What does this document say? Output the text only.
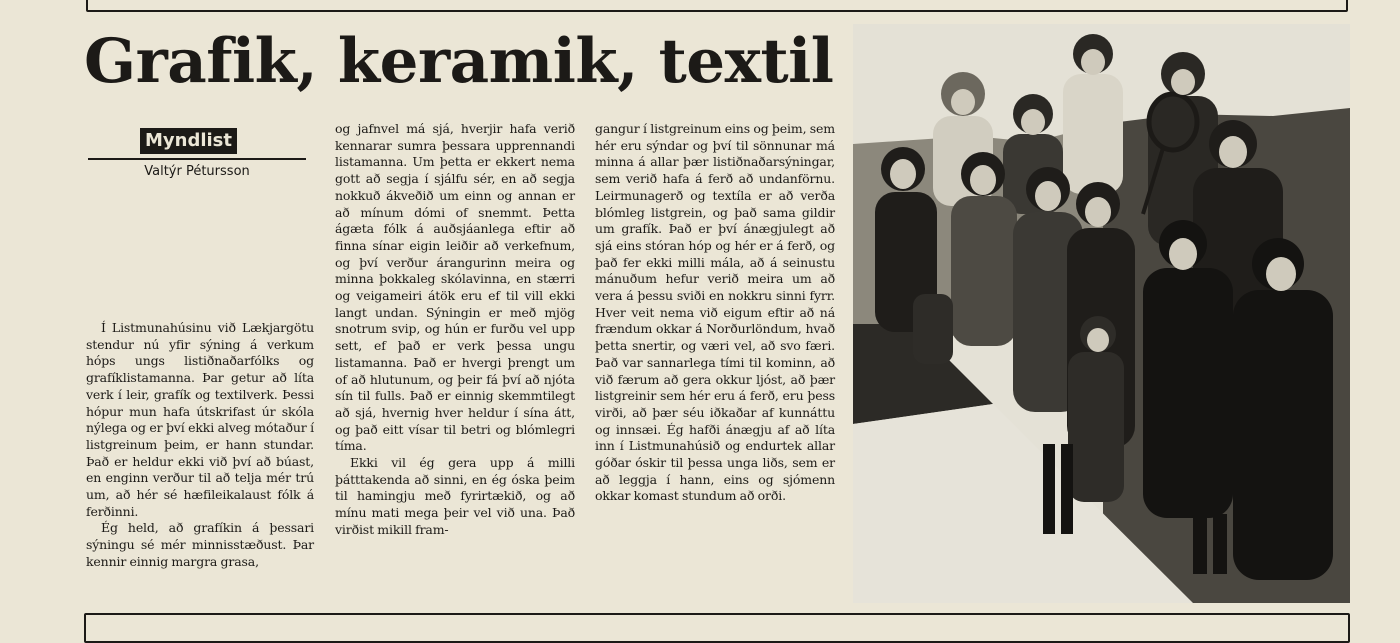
Grafik, keramik, textil
Myndlist
Valtýr Pétursson

Í Listmunahúsinu við Lækjargötu stendur nú yfir sýning á verkum hóps ungs listiðnaðarfólks og grafíklistamanna. Þar getur að líta verk í leir, grafík og textilverk. Þessi hópur mun hafa útskrifast úr skóla nýlega og er því ekki alveg mótaður í listgreinum þeim, er hann stundar. Það er heldur ekki við því að búast, en enginn verður til að telja mér trú um, að hér sé hæfileikalaust fólk á ferðinni.

Ég held, að grafíkin á þessari sýningu sé mér minnisstæðust. Þar kennir einnig margra grasa,

og jafnvel má sjá, hverjir hafa verið kennarar sumra þessara upprennandi listamanna. Um þetta er ekkert nema gott að segja í sjálfu sér, en að segja nokkuð ákveðið um einn og annan er að mínum dómi of snemmt. Þetta ágæta fólk á auðsjáanlega eftir að finna sínar eigin leiðir að verkefnum, og því verður árangurinn meira og minna þokkaleg skólavinna, en stærri og veigameiri átök eru ef til vill ekki langt undan. Sýningin er með mjög snotrum svip, og hún er furðu vel upp sett, ef það er verk þessa ungu listamanna. Það er hvergi þrengt um of að hlutunum, og þeir fá því að njóta sín til fulls. Það er einnig skemmtilegt að sjá, hvernig hver heldur í sína átt, og það eitt vísar til betri og blómlegri tíma.

Ekki vil ég gera upp á milli þátttakenda að sinni, en ég óska þeim til hamingju með fyrirtækið, og að mínu mati mega þeir vel við una. Það virðist mikill fram-

gangur í listgreinum eins og þeim, sem hér eru sýndar og því til sönnunar má minna á allar þær listiðnaðarsýningar, sem verið hafa á ferð að undanförnu. Leirmunagerð og textíla er að verða blómleg listgrein, og það sama gildir um grafík. Það er því ánægjulegt að sjá eins stóran hóp og hér er á ferð, og það fer ekki milli mála, að á seinustu mánuðum hefur verið meira um að vera á þessu sviði en nokkru sinni fyrr. Hver veit nema við eigum eftir að ná frændum okkar á Norðurlöndum, hvað þetta snertir, og væri vel, að svo færi. Það var sannarlega tími til kominn, að við færum að gera okkur ljóst, að þær listgreinir sem hér eru á ferð, eru þess virði, að þær séu iðkaðar af kunnáttu og innsæi. Ég hafði ánægju af að líta inn í Listmunahúsið og endurtek allar góðar óskir til þessa unga liðs, sem er að leggja í hann, eins og sjómenn okkar komast stundum að orði.
